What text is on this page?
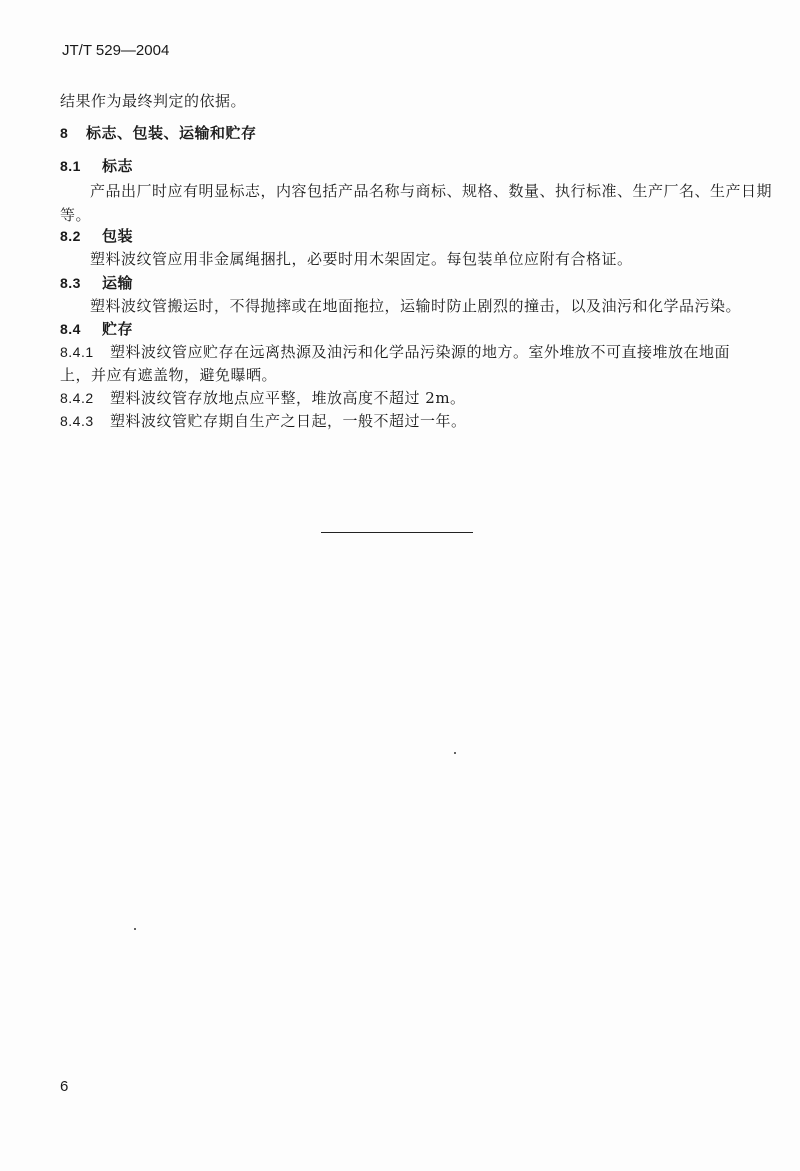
JT/T 529—2004
结果作为最终判定的依据。
8 标志、包装、运输和贮存
8.1 标志
产品出厂时应有明显标志，内容包括产品名称与商标、规格、数量、执行标准、生产厂名、生产日期
等。
8.2 包装
塑料波纹管应用非金属绳捆扎，必要时用木架固定。每包装单位应附有合格证。
8.3 运输
塑料波纹管搬运时，不得抛摔或在地面拖拉，运输时防止剧烈的撞击，以及油污和化学品污染。
8.4 贮存
8.4.1 塑料波纹管应贮存在远离热源及油污和化学品污染源的地方。室外堆放不可直接堆放在地面
上，并应有遮盖物，避免曝晒。
8.4.2 塑料波纹管存放地点应平整，堆放高度不超过 2m。
8.4.3 塑料波纹管贮存期自生产之日起，一般不超过一年。
6
